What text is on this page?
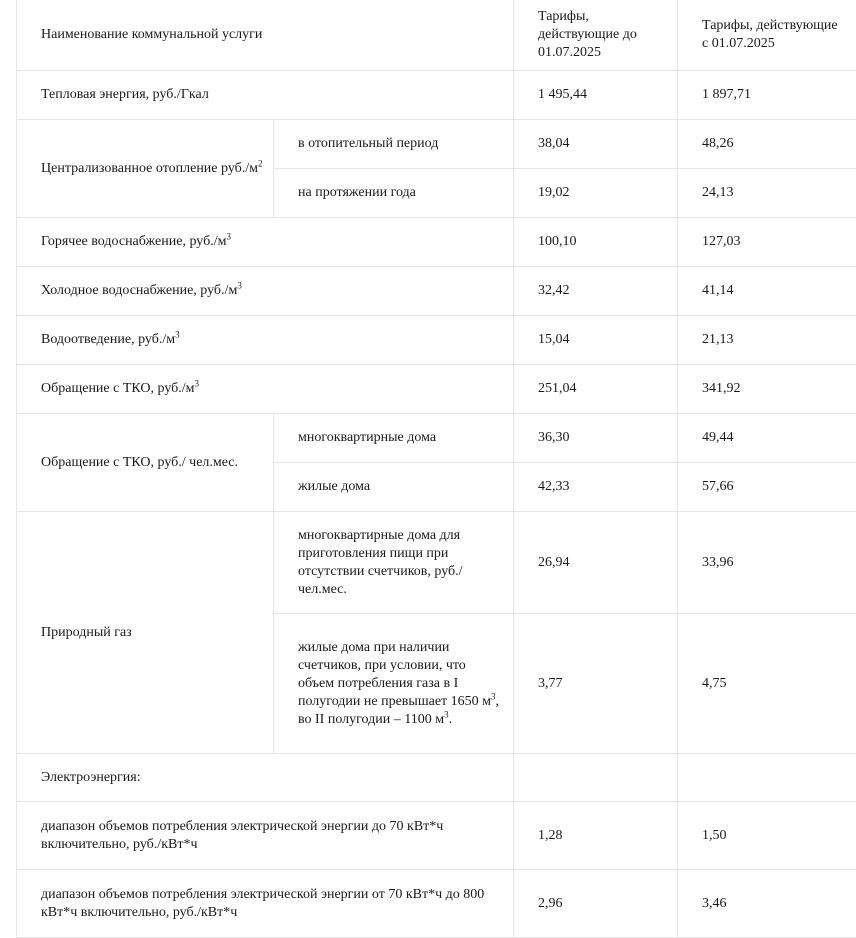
Наименование коммунальной услуги		Тарифы, действующие до 01.07.2025	Тарифы, действующие с 01.07.2025
Тепловая энергия, руб./Гкал		1 495,44	1 897,71
Централизованное отопление $руб./м^2$	в отопительный период	38,04	48,26
	на протяжении года	19,02	24,13
Горячее водоснабжение, $руб./м^3$		100,10	127,03
Холодное водоснабжение, $руб./м^3$		32,42	41,14
Водоотведение, $руб./м^3$		15,04	21,13
Обращение с ТКО, $руб./м^3$		251,04	341,92
Обращение с ТКО, руб./ чел.мес.	многоквартирные дома	36,30	49,44
	жилые дома	42,33	57,66
Природный газ	многоквартирные дома для приготовления пищи при отсутствии счетчиков, руб./ чел.мес.	26,94	33,96
	жилые дома при наличии счетчиков, при условии, что объем потребления газа в I полугодии не превышает 1650 $м^3$, во II полугодии – 1100 $м^3$.	3,77	4,75
Электроэнергия:			
диапазон объемов потребления электрической энергии до 70 кВт*ч включительно, руб./кВт*ч		1,28	1,50
диапазон объемов потребления электрической энергии от 70 кВт*ч до 800 кВт*ч включительно, руб./кВт*ч		2,96	3,46
